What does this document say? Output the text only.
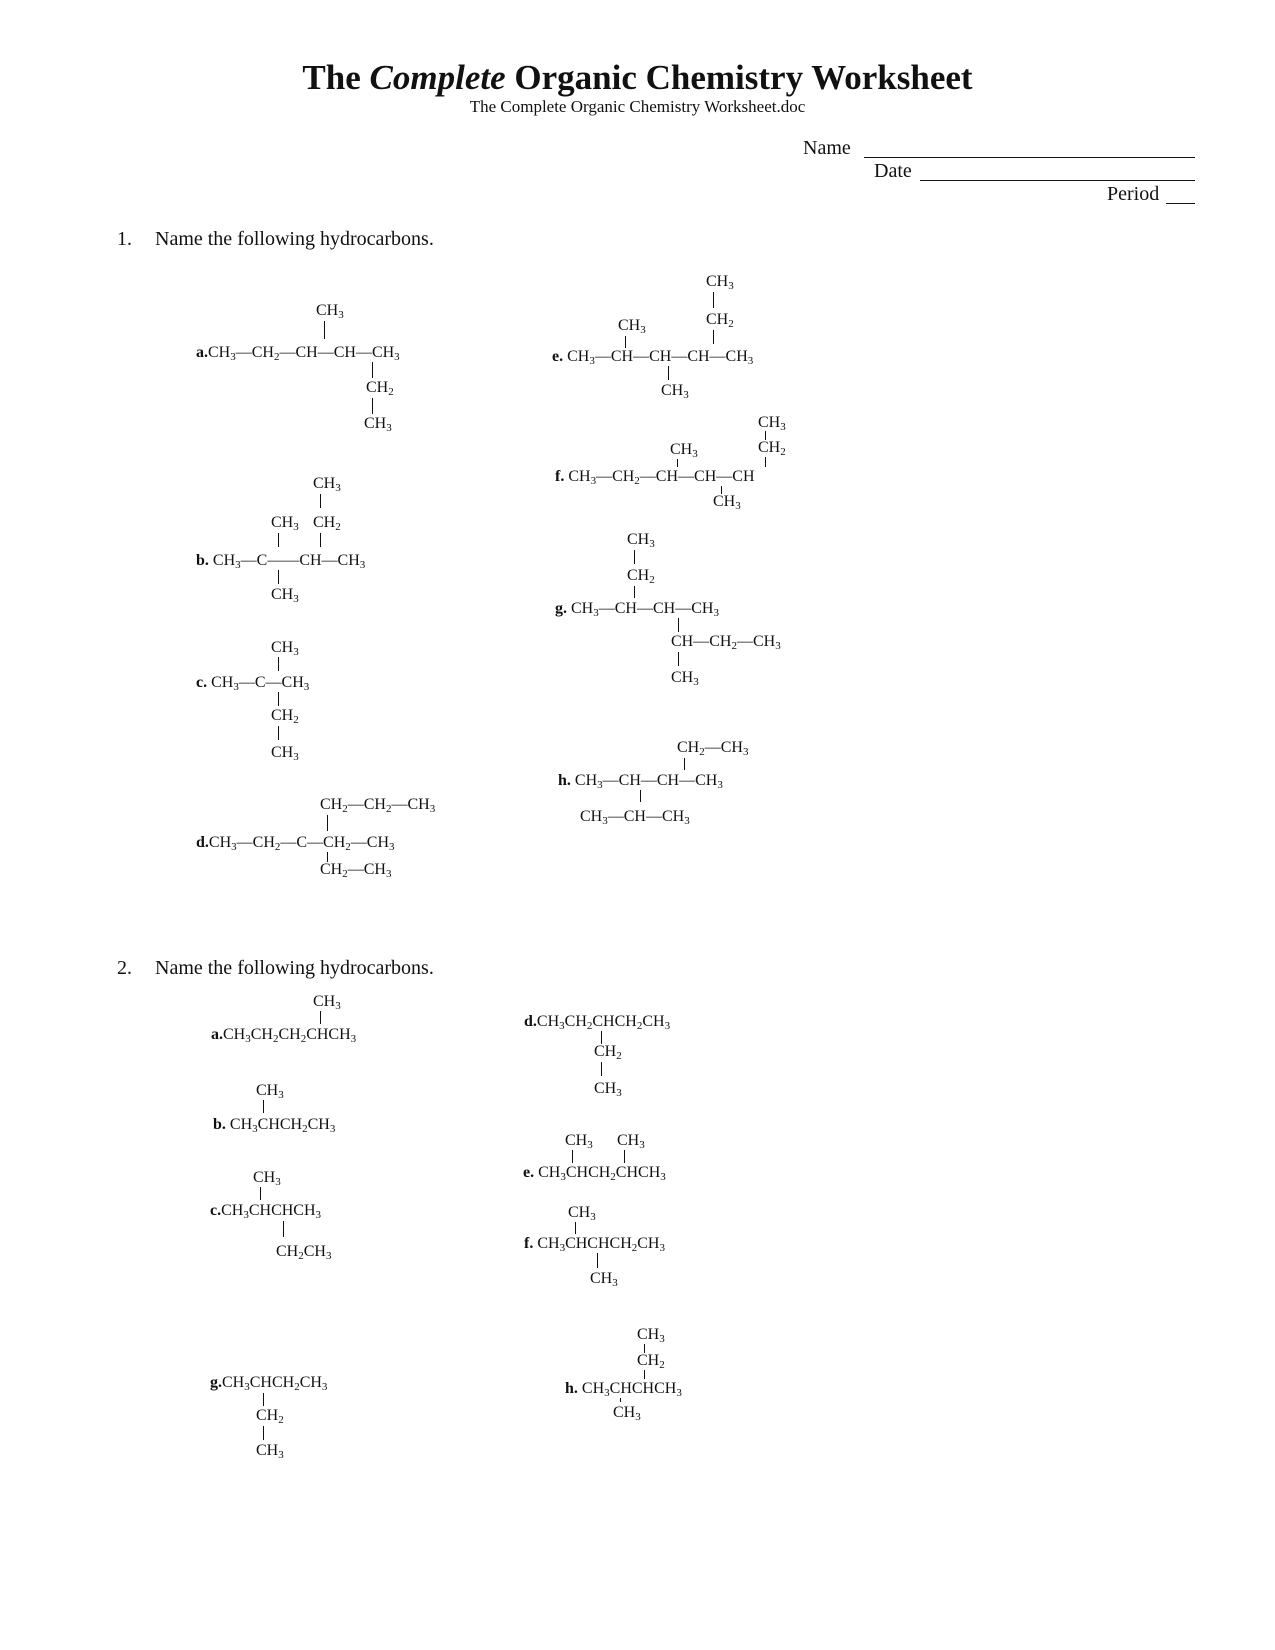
The Complete Organic Chemistry Worksheet
The Complete Organic Chemistry Worksheet.doc
Name
Date
Period
1. Name the following hydrocarbons.
$CH_3$
$a.CH_3—CH_2—CH—CH—CH_3$
$CH_2$
$CH_3$
$CH_3$
$CH_3$ $CH_2$
b. $CH_3—C——CH—CH_3$
$CH_3$
$CH_3$
c. $CH_3—C—CH_3$
$CH_2$
$CH_3$
$CH_2—CH_2—CH_3$
$d.CH_3—CH_2—C—CH_2—CH_3$
$CH_2—CH_3$
$CH_3$
$CH_2$
$CH_3$
e. $CH_3—CH—CH—CH—CH_3$
$CH_3$
$CH_3$
$CH_2$
$CH_3$
f. $CH_3—CH_2—CH—CH—CH$
$CH_3$
$CH_3$
$CH_2$
g. $CH_3—CH—CH—CH_3$
$CH—CH_2—CH_3$
$CH_3$
$CH_2—CH_3$
h. $CH_3—CH—CH—CH_3$
$CH_3—CH—CH_3$
2. Name the following hydrocarbons.
$CH_3$
$a.CH_3CH_2CH_2CHCH_3$
$CH_3$
b. $CH_3CHCH_2CH_3$
$CH_3$
$c.CH_3CHCHCH_3$
$CH_2CH_3$
$d.CH_3CH_2CHCH_2CH_3$
$CH_2$
$CH_3$
$CH_3$ $CH_3$
e. $CH_3CHCH_2CHCH_3$
$CH_3$
f. $CH_3CHCHCH_2CH_3$
$CH_3$
$g.CH_3CHCH_2CH_3$
$CH_2$
$CH_3$
$CH_3$
$CH_2$
h. $CH_3CHCHCH_3$
$CH_3$
